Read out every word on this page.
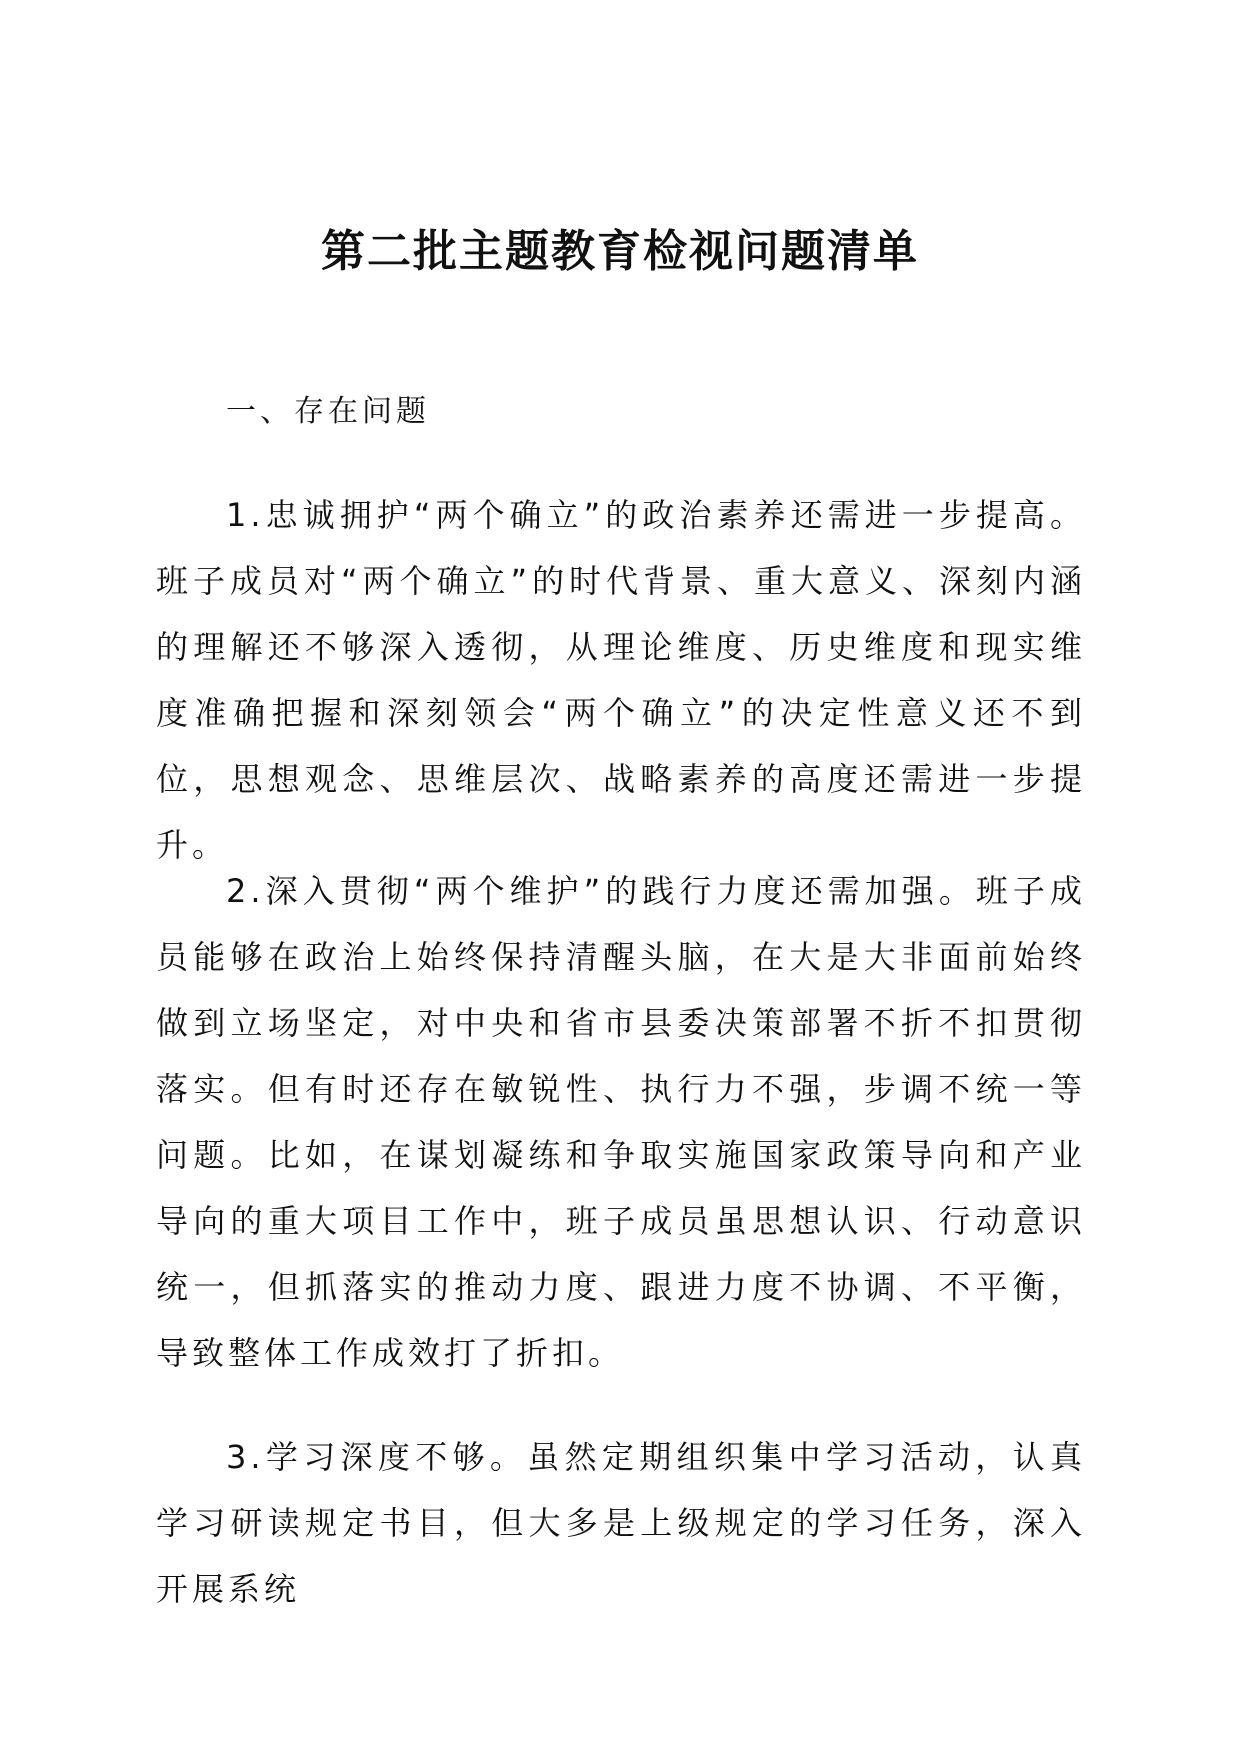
第二批主题教育检视问题清单

一、存在问题

1.忠诚拥护“两个确立”的政治素养还需进一步提高。班子成员对“两个确立”的时代背景、重大意义、深刻内涵的理解还不够深入透彻，从理论维度、历史维度和现实维度准确把握和深刻领会“两个确立”的决定性意义还不到位，思想观念、思维层次、战略素养的高度还需进一步提升。

2.深入贯彻“两个维护”的践行力度还需加强。班子成员能够在政治上始终保持清醒头脑，在大是大非面前始终做到立场坚定，对中央和省市县委决策部署不折不扣贯彻落实。但有时还存在敏锐性、执行力不强，步调不统一等问题。比如，在谋划凝练和争取实施国家政策导向和产业导向的重大项目工作中，班子成员虽思想认识、行动意识统一，但抓落实的推动力度、跟进力度不协调、不平衡，导致整体工作成效打了折扣。

3.学习深度不够。虽然定期组织集中学习活动，认真学习研读规定书目，但大多是上级规定的学习任务，深入开展系统
